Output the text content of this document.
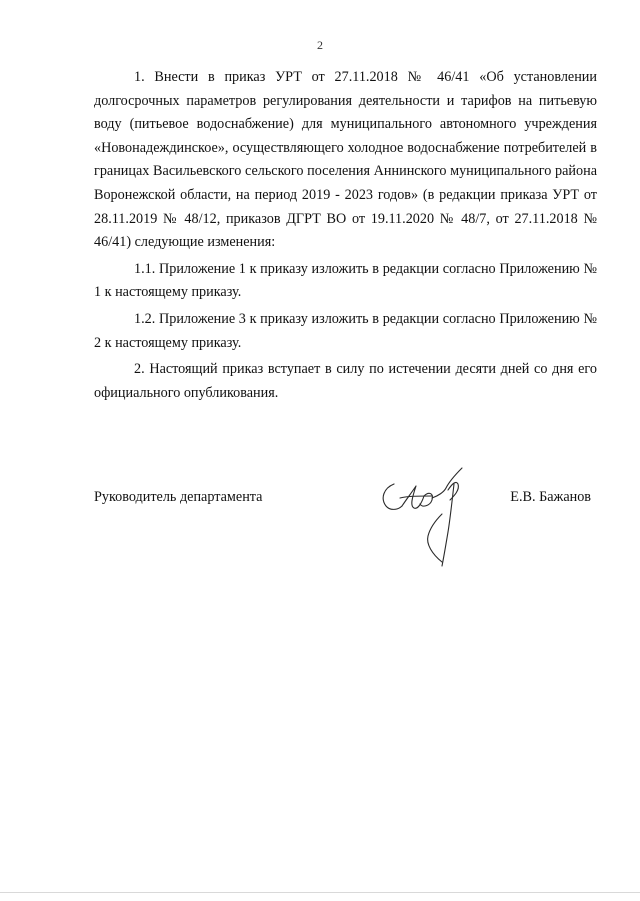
2

1. Внести в приказ УРТ от 27.11.2018 № 46/41 «Об установлении долгосрочных параметров регулирования деятельности и тарифов на питьевую воду (питьевое водоснабжение) для муниципального автономного учреждения «Новонадеждинское», осуществляющего холодное водоснабжение потребителей в границах Васильевского сельского поселения Аннинского муниципального района Воронежской области, на период 2019 - 2023 годов» (в редакции приказа УРТ от 28.11.2019 № 48/12, приказов ДГРТ ВО от 19.11.2020 № 48/7, от 27.11.2018 № 46/41) следующие изменения:

1.1. Приложение 1 к приказу изложить в редакции согласно Приложению № 1 к настоящему приказу.

1.2. Приложение 3 к приказу изложить в редакции согласно Приложению № 2 к настоящему приказу.

2. Настоящий приказ вступает в силу по истечении десяти дней со дня его официального опубликования.

Руководитель департамента	Е.В. Бажанов
